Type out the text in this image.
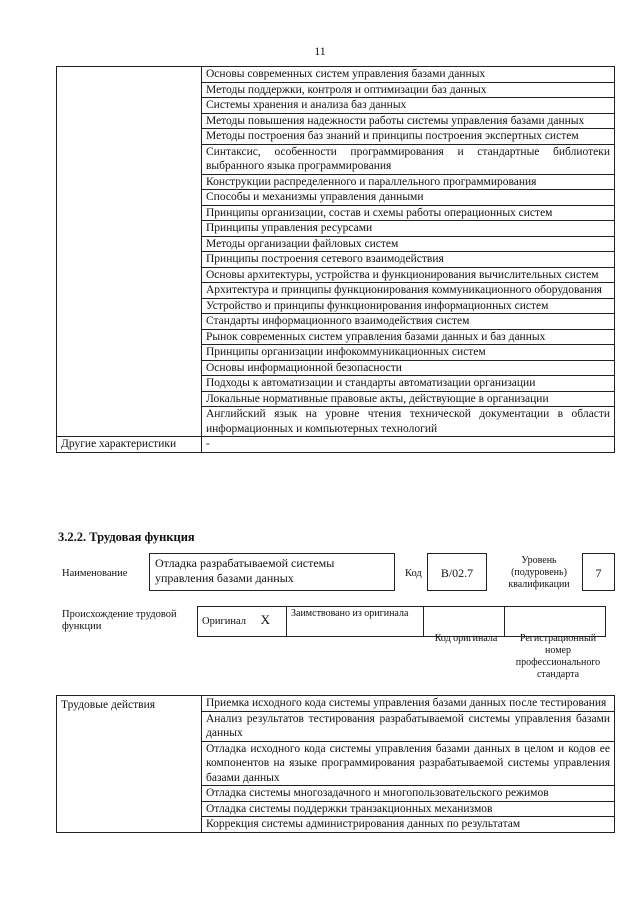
11
	Основы современных систем управления базами данных
	Методы поддержки, контроля и оптимизации баз данных
	Системы хранения и анализа баз данных
	Методы повышения надежности работы системы управления базами данных
	Методы построения баз знаний и принципы построения экспертных систем
	Синтаксис, особенности программирования и стандартные библиотеки выбранного языка программирования
	Конструкции распределенного и параллельного программирования
	Способы и механизмы управления данными
	Принципы организации, состав и схемы работы операционных систем
	Принципы управления ресурсами
	Методы организации файловых систем
	Принципы построения сетевого взаимодействия
	Основы архитектуры, устройства и функционирования вычислительных систем
	Архитектура и принципы функционирования коммуникационного оборудования
	Устройство и принципы функционирования информационных систем
	Стандарты информационного взаимодействия систем
	Рынок современных систем управления базами данных и баз данных
	Принципы организации инфокоммуникационных систем
	Основы информационной безопасности
	Подходы к автоматизации и стандарты автоматизации организации
	Локальные нормативные правовые акты, действующие в организации
	Английский язык на уровне чтения технической документации в области информационных и компьютерных технологий
Другие характеристики	-
3.2.2. Трудовая функция
Наименование
Отладка разрабатываемой системы управления базами данных	Код	B/02.7
Уровень (подуровень) квалификации
7
Происхождение трудовой функции	Оригинал X	Заимствовано из оригинала		
Код оригинала	Регистрационный номер профессионального стандарта
Трудовые действия	Приемка исходного кода системы управления базами данных после тестирования
Анализ результатов тестирования разрабатываемой системы управления базами данных
Отладка исходного кода системы управления базами данных в целом и кодов ее компонентов на языке программирования разрабатываемой системы управления базами данных
Отладка системы многозадачного и многопользовательского режимов
Отладка системы поддержки транзакционных механизмов
Коррекция системы администрирования данных по результатам
